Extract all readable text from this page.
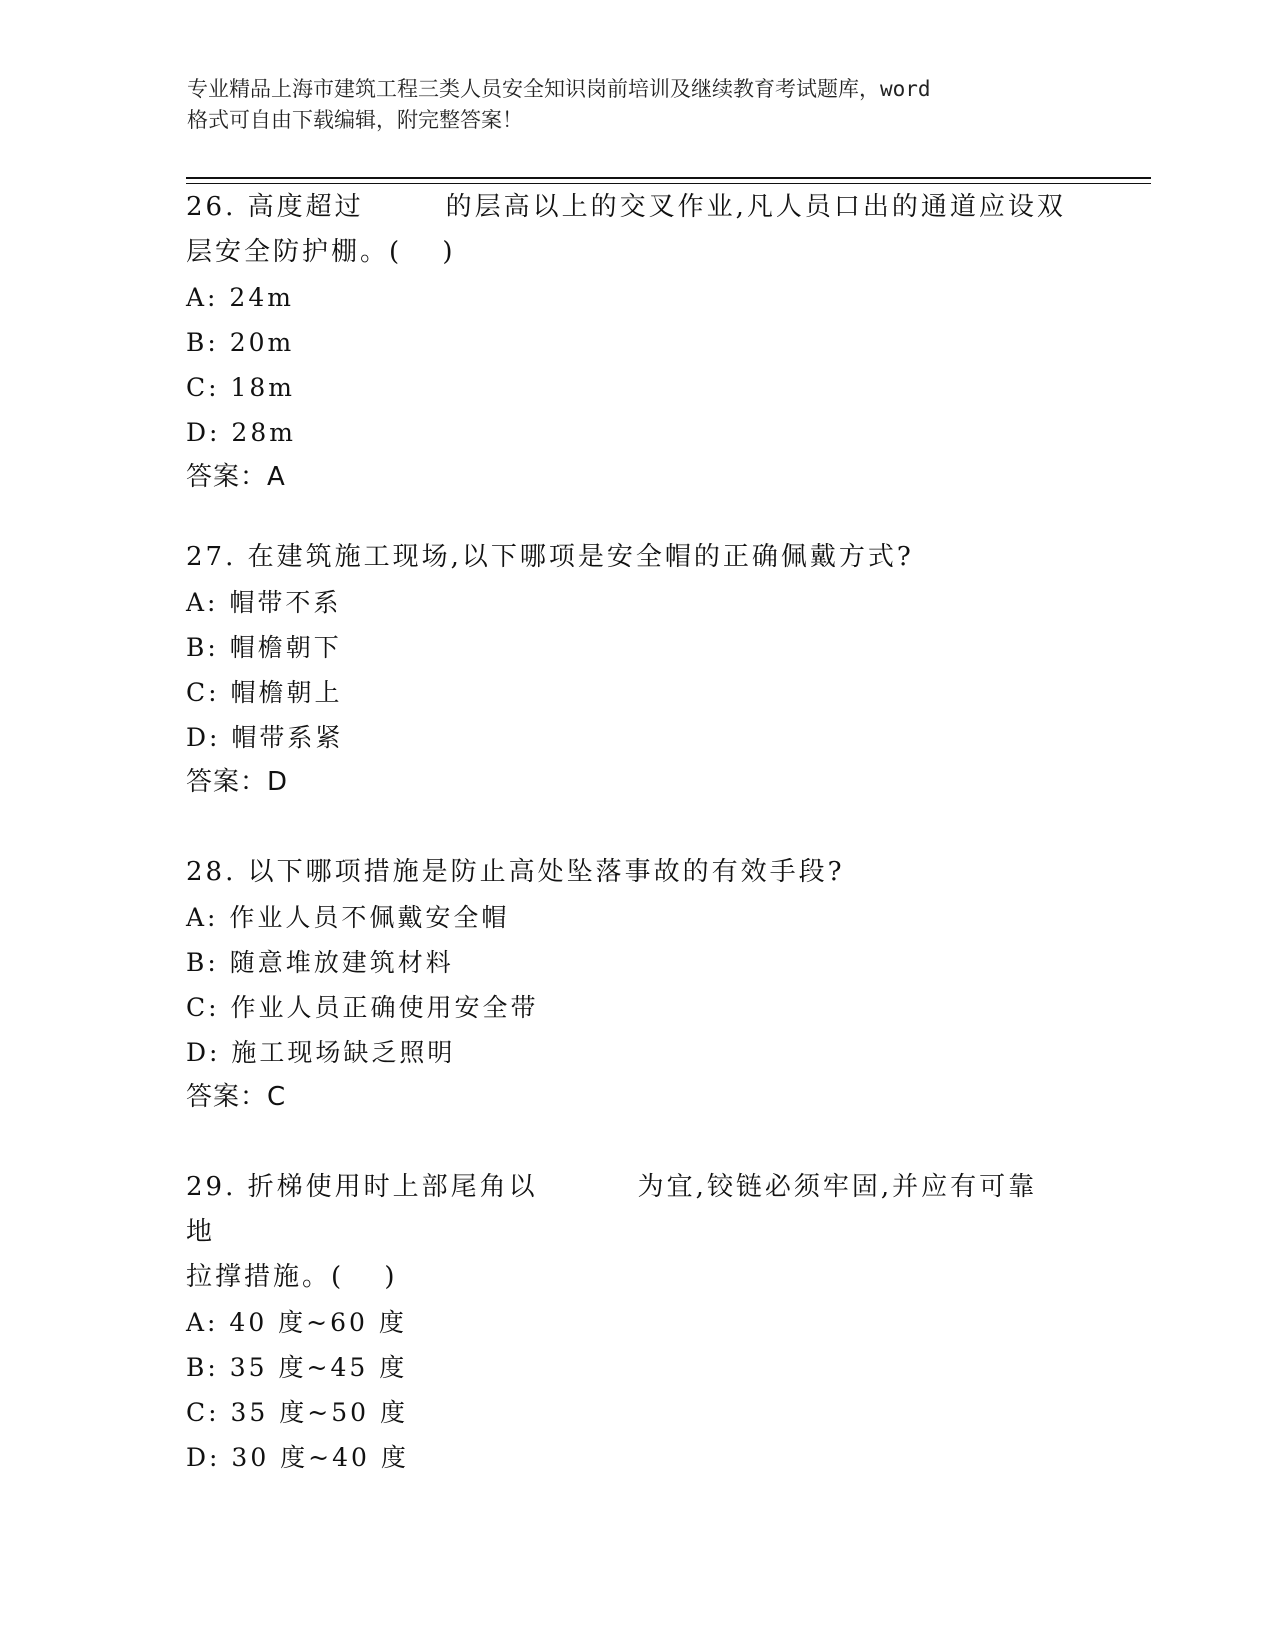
专业精品上海市建筑工程三类人员安全知识岗前培训及继续教育考试题库，word
格式可自由下载编辑，附完整答案！
26. 高度超过	的层高以上的交叉作业,凡人员口出的通道应设双
层安全防护棚。(　 )
A: 24m
B: 20m
C: 18m
D: 28m
答案：A
27. 在建筑施工现场,以下哪项是安全帽的正确佩戴方式?
A: 帽带不系
B: 帽檐朝下
C: 帽檐朝上
D: 帽带系紧
答案：D
28. 以下哪项措施是防止高处坠落事故的有效手段?
A: 作业人员不佩戴安全帽
B: 随意堆放建筑材料
C: 作业人员正确使用安全带
D: 施工现场缺乏照明
答案：C
29. 折梯使用时上部尾角以	为宜,铰链必须牢固,并应有可靠地
拉撑措施。(　 )
A: 40 度~60 度
B: 35 度~45 度
C: 35 度~50 度
D: 30 度~40 度
